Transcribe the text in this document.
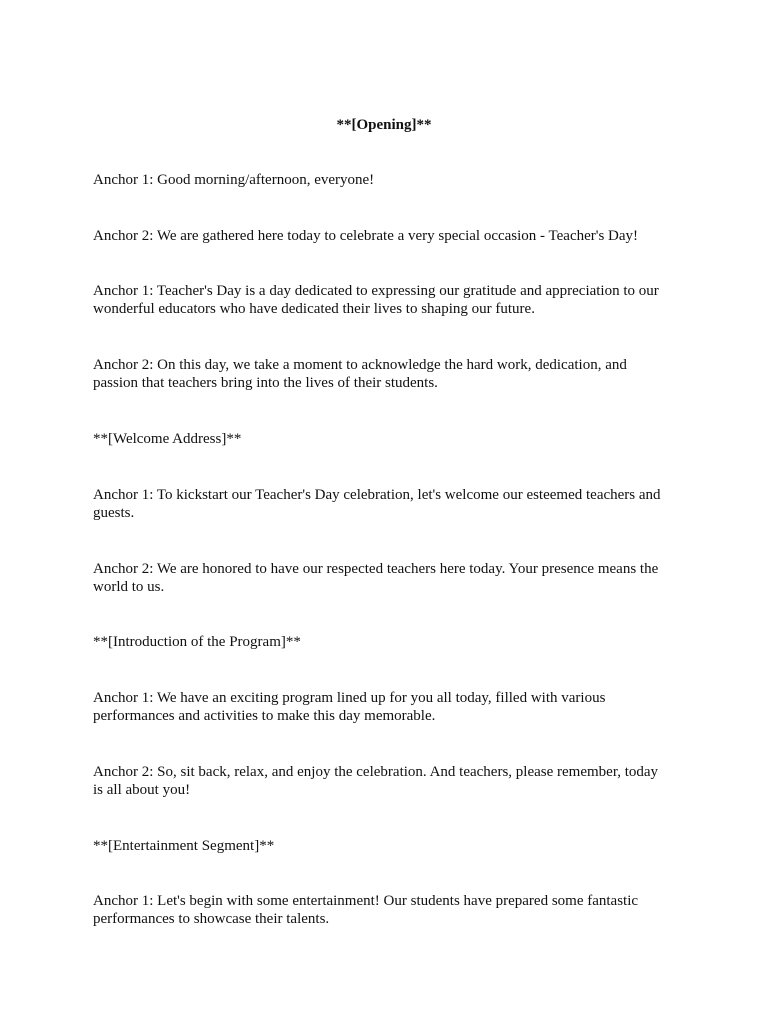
**[Opening]**

Anchor 1: Good morning/afternoon, everyone!

Anchor 2: We are gathered here today to celebrate a very special occasion - Teacher's Day!

Anchor 1: Teacher's Day is a day dedicated to expressing our gratitude and appreciation to our wonderful educators who have dedicated their lives to shaping our future.

Anchor 2: On this day, we take a moment to acknowledge the hard work, dedication, and passion that teachers bring into the lives of their students.

**[Welcome Address]**

Anchor 1: To kickstart our Teacher's Day celebration, let's welcome our esteemed teachers and guests.

Anchor 2: We are honored to have our respected teachers here today. Your presence means the world to us.

**[Introduction of the Program]**

Anchor 1: We have an exciting program lined up for you all today, filled with various performances and activities to make this day memorable.

Anchor 2: So, sit back, relax, and enjoy the celebration. And teachers, please remember, today is all about you!

**[Entertainment Segment]**

Anchor 1: Let's begin with some entertainment! Our students have prepared some fantastic performances to showcase their talents.
